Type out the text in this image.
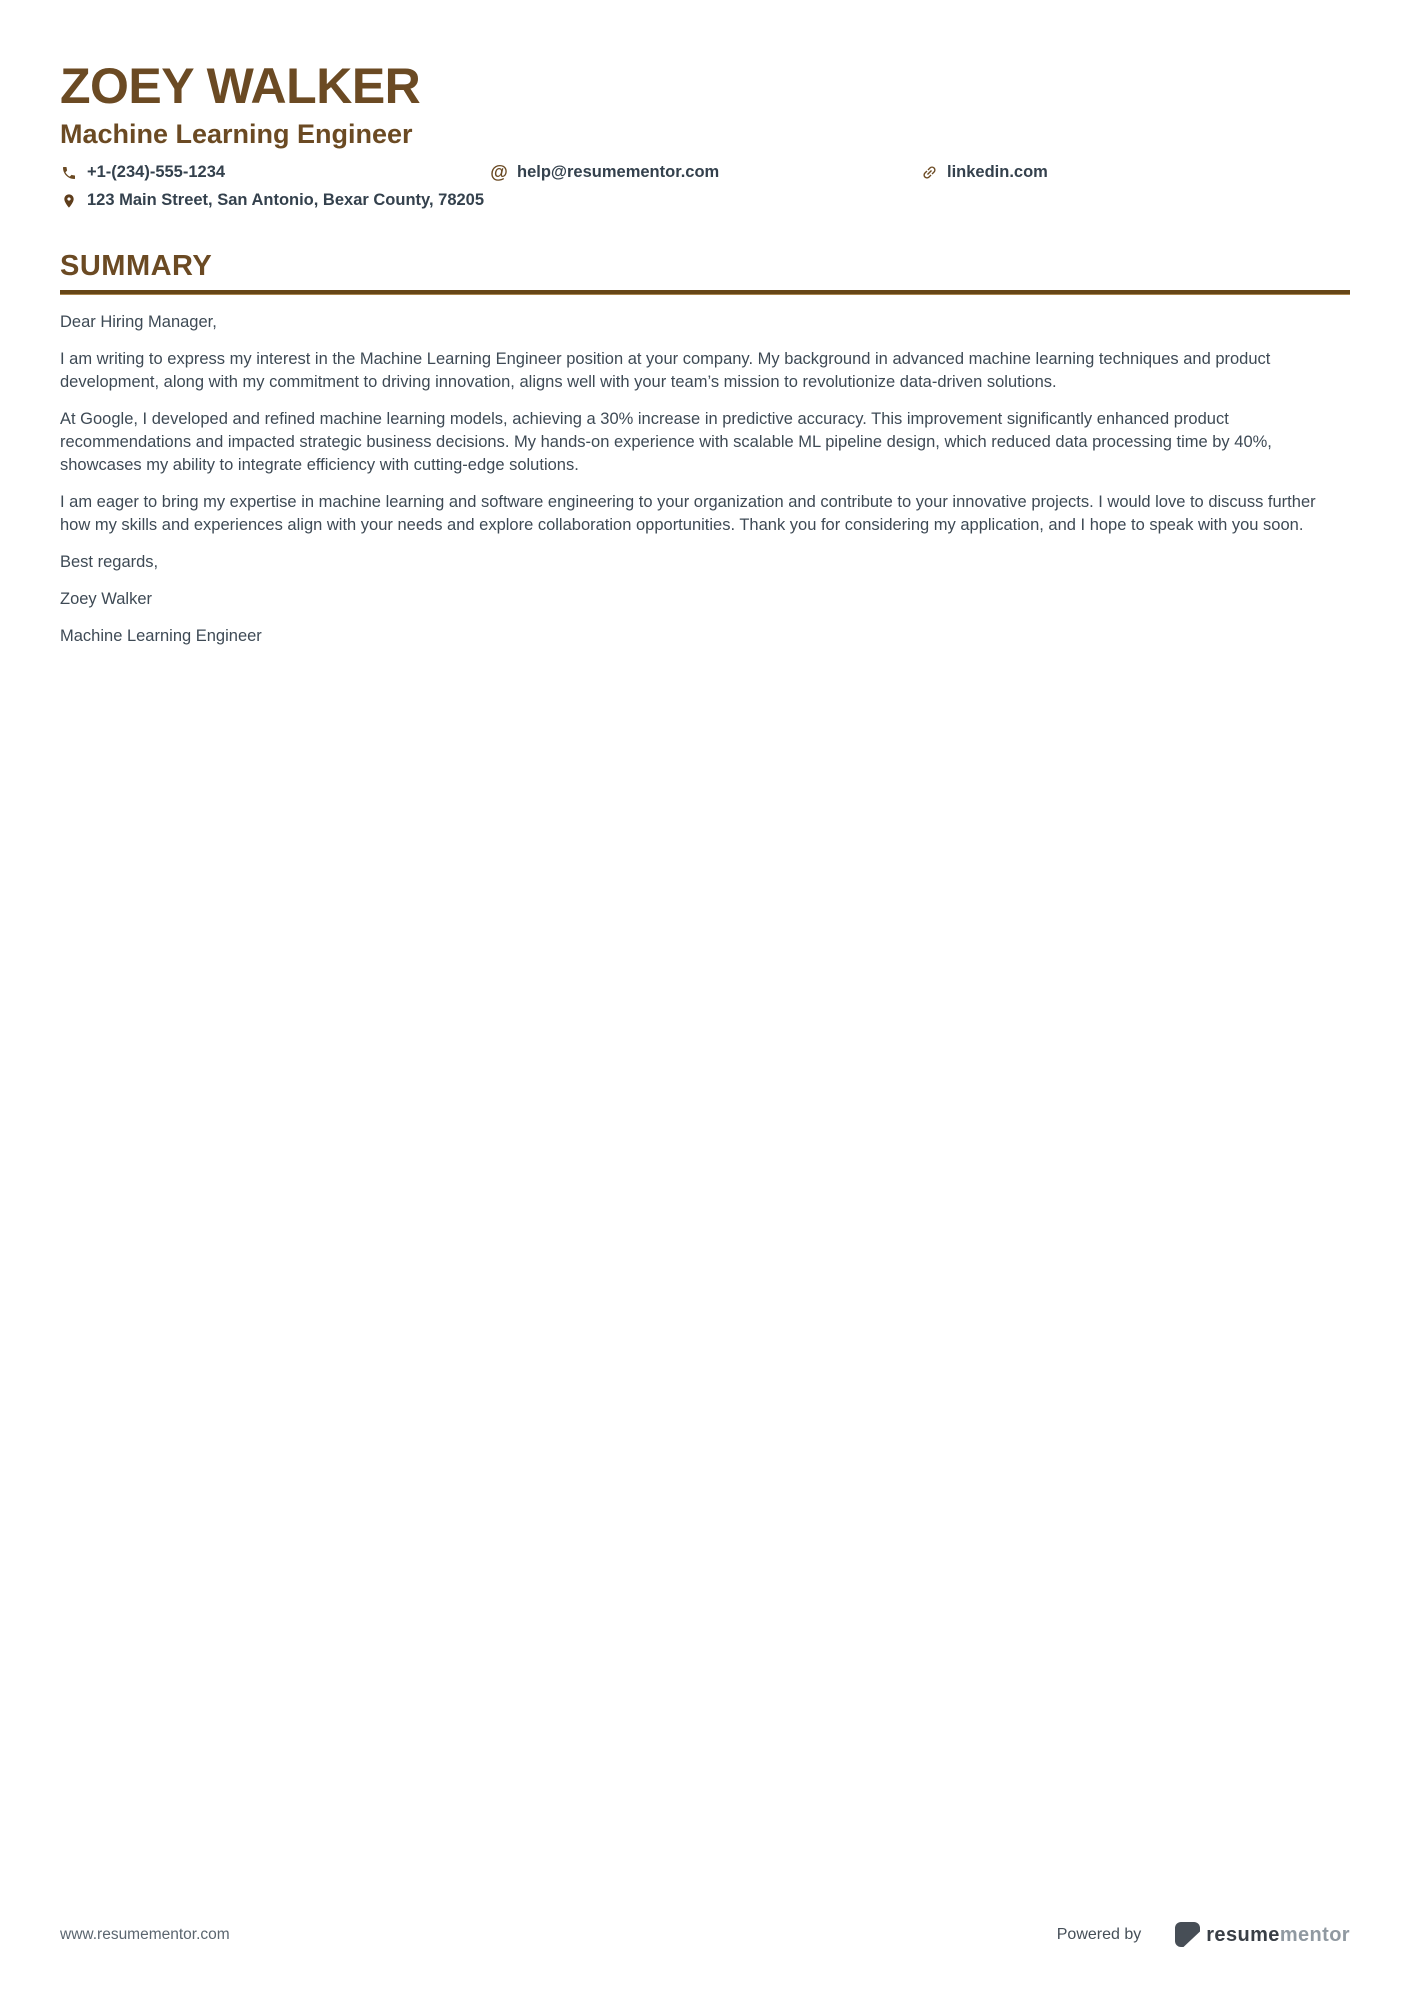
ZOEY WALKER
Machine Learning Engineer
+1-(234)-555-1234	@ help@resumementor.com	linkedin.com
123 Main Street, San Antonio, Bexar County, 78205
SUMMARY

Dear Hiring Manager,

I am writing to express my interest in the Machine Learning Engineer position at your company. My background in advanced machine learning techniques and product development, along with my commitment to driving innovation, aligns well with your team’s mission to revolutionize data-driven solutions.

At Google, I developed and refined machine learning models, achieving a 30% increase in predictive accuracy. This improvement significantly enhanced product recommendations and impacted strategic business decisions. My hands-on experience with scalable ML pipeline design, which reduced data processing time by 40%, showcases my ability to integrate efficiency with cutting-edge solutions.

I am eager to bring my expertise in machine learning and software engineering to your organization and contribute to your innovative projects. I would love to discuss further how my skills and experiences align with your needs and explore collaboration opportunities. Thank you for considering my application, and I hope to speak with you soon.

Best regards,

Zoey Walker

Machine Learning Engineer

www.resumementor.com	Powered by	resumementor
